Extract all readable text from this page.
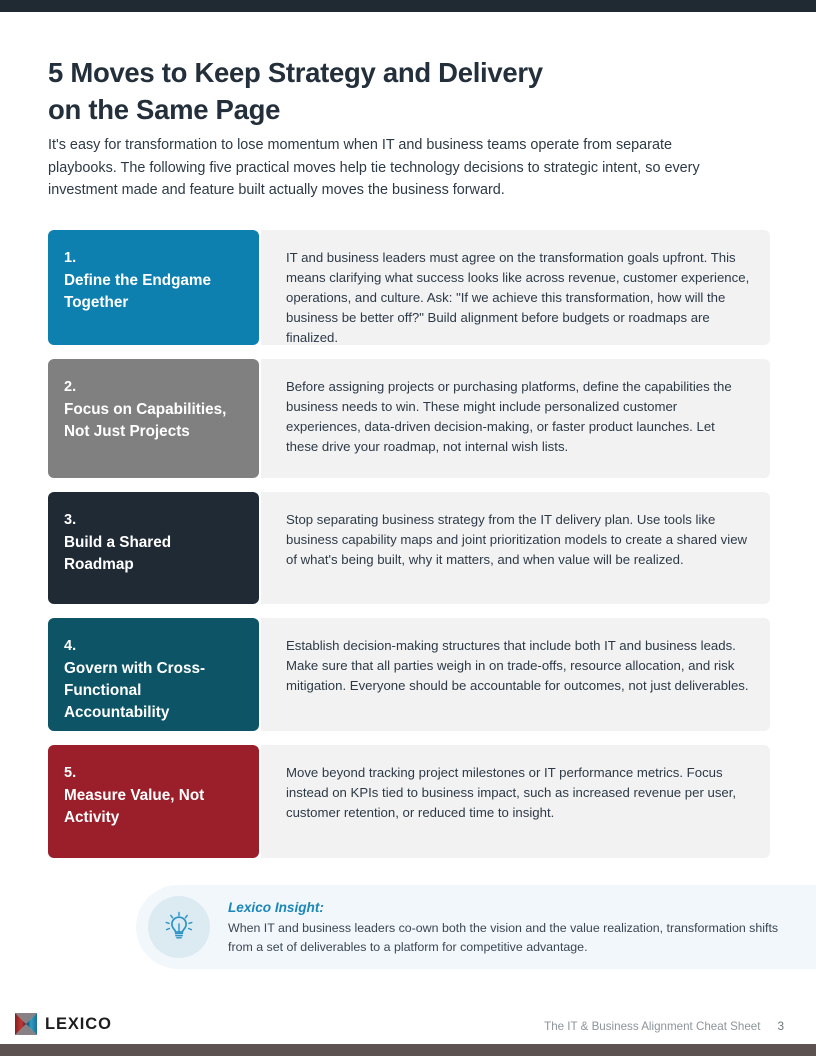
5 Moves to Keep Strategy and Delivery
on the Same Page

It's easy for transformation to lose momentum when IT and business teams operate from separate playbooks. The following five practical moves help tie technology decisions to strategic intent, so every investment made and feature built actually moves the business forward.

1.
Define the Endgame Together
IT and business leaders must agree on the transformation goals upfront. This means clarifying what success looks like across revenue, customer experience, operations, and culture. Ask: "If we achieve this transformation, how will the business be better off?" Build alignment before budgets or roadmaps are finalized.
2.
Focus on Capabilities, Not Just Projects
Before assigning projects or purchasing platforms, define the capabilities the business needs to win. These might include personalized customer experiences, data-driven decision-making, or faster product launches. Let these drive your roadmap, not internal wish lists.
3.
Build a Shared Roadmap
Stop separating business strategy from the IT delivery plan. Use tools like business capability maps and joint prioritization models to create a shared view of what's being built, why it matters, and when value will be realized.
4.
Govern with Cross-Functional Accountability
Establish decision-making structures that include both IT and business leads. Make sure that all parties weigh in on trade-offs, resource allocation, and risk mitigation. Everyone should be accountable for outcomes, not just deliverables.
5.
Measure Value, Not Activity
Move beyond tracking project milestones or IT performance metrics. Focus instead on KPIs tied to business impact, such as increased revenue per user, customer retention, or reduced time to insight.
Lexico Insight:
When IT and business leaders co-own both the vision and the value realization, transformation shifts from a set of deliverables to a platform for competitive advantage.
LEXICO	The IT & Business Alignment Cheat Sheet 3
